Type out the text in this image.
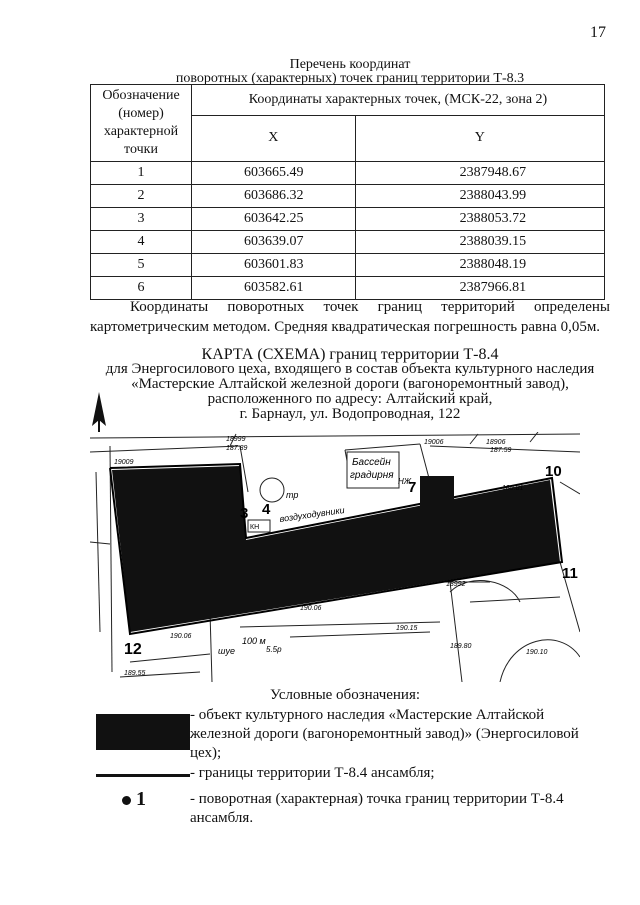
17
Перечень координат
поворотных (характерных) точек границ территории Т-8.3
Обозначение (номер) характерной точки	Координаты характерных точек, (МСК-22, зона 2)	
	X	Y
1	603665.49	2387948.67
2	603686.32	2388043.99
3	603642.25	2388053.72
4	603639.07	2388039.15
5	603601.83	2388048.19
6	603582.61	2387966.81
Координаты поворотных точек границ территорий определены картометрическим методом. Средняя квадратическая погрешность равна 0,05м.
КАРТА (СХЕМА) границ территории Т-8.4
для Энергосилового цеха, входящего в состав объекта культурного наследия
«Мастерские Алтайской железной дороги (вагоноремонтный завод),
расположенного по адресу: Алтайский край,
г. Барнаул, ул. Водопроводная, 122
Бассейн
градирня
воздуходувники
КН
тр
НЖ
3 4
7	8	10
11
12
18999
187.89
19009
18906
187.59
19006
18992
189.81
190.06
190.15
190.06
189.80
190.10
189.55
100 м
шуе	5.5р
Условные обозначения:
- объект культурного наследия «Мастерские Алтайской железной дороги (вагоноремонтный завод)» (Энергосиловой цех);
- границы территории Т-8.4 ансамбля;
1	- поворотная (характерная) точка границ территории Т-8.4 ансамбля.
